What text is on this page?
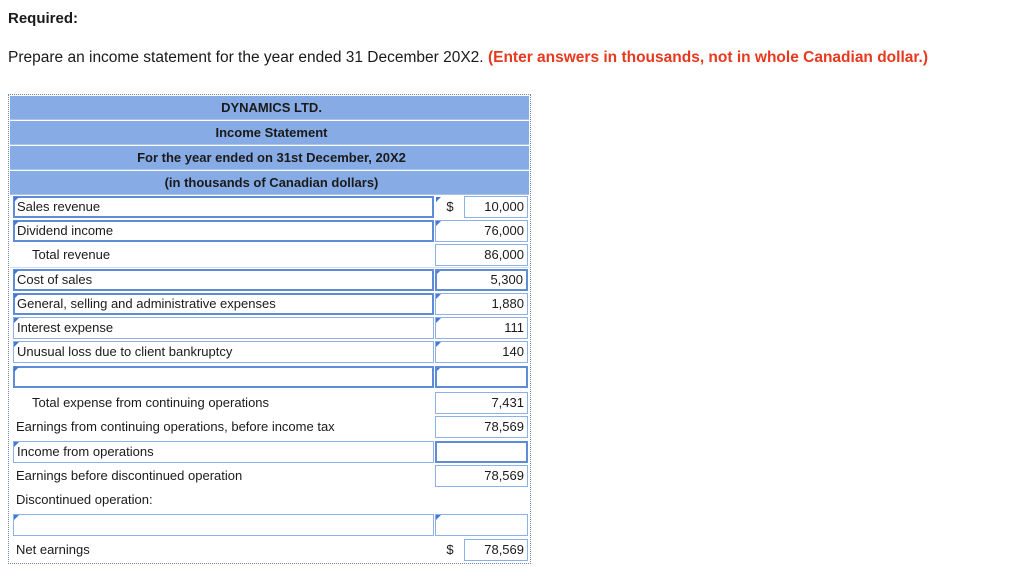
Required:
Prepare an income statement for the year ended 31 December 20X2. (Enter answers in thousands, not in whole Canadian dollar.)
DYNAMICS LTD.
Income Statement
For the year ended on 31st December, 20X2
(in thousands of Canadian dollars)
Sales revenue	$	10,000
Dividend income	76,000
Total revenue	86,000
Cost of sales	5,300
General, selling and administrative expenses	1,880
Interest expense	111
Unusual loss due to client bankruptcy	140
Total expense from continuing operations	7,431
Earnings from continuing operations, before income tax	78,569
Income from operations
Earnings before discontinued operation	78,569
Discontinued operation:
Net earnings	$	78,569
